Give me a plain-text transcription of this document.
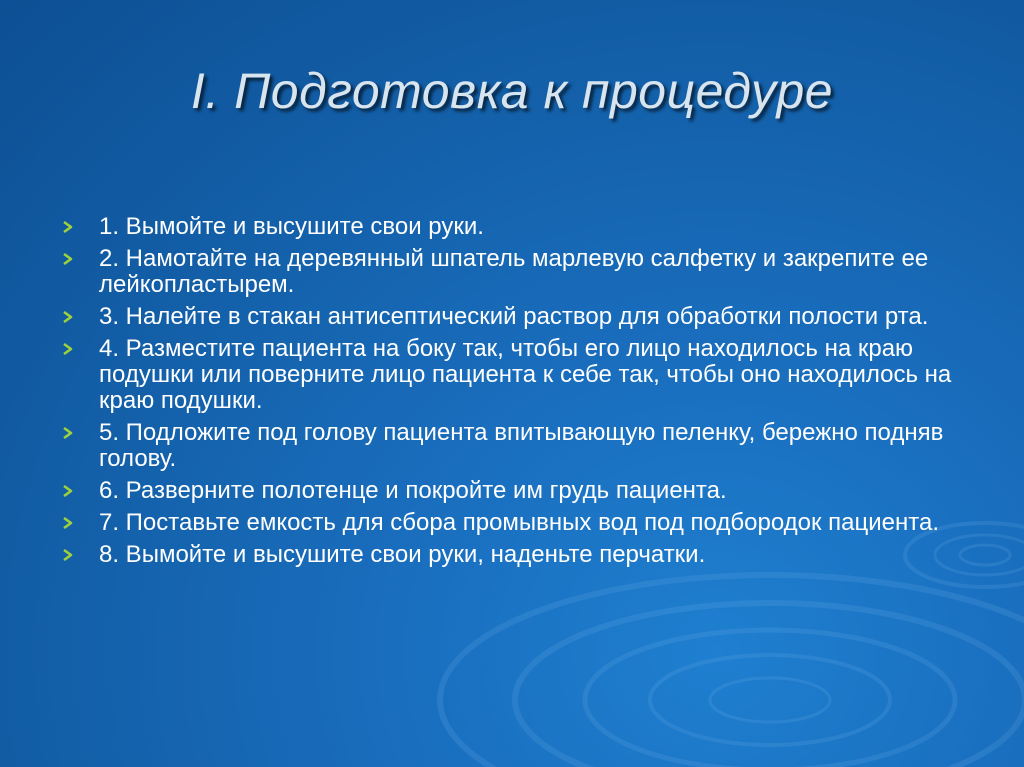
I. Подготовка к процедуре
1. Вымойте и высушите свои руки.
2. Намотайте на деревянный шпатель марлевую салфетку и закрепите ее лейкопластырем.
3. Налейте в стакан антисептический раствор для обработки полости рта.
4. Разместите пациента на боку так, чтобы его лицо находилось на краю подушки или поверните лицо пациента к себе так, чтобы оно находилось на краю подушки.
5. Подложите под голову пациента впитывающую пеленку, бережно подняв голову.
6. Разверните полотенце и покройте им грудь пациента.
7. Поставьте емкость для сбора промывных вод под подбородок пациента.
8. Вымойте и высушите свои руки, наденьте перчатки.
